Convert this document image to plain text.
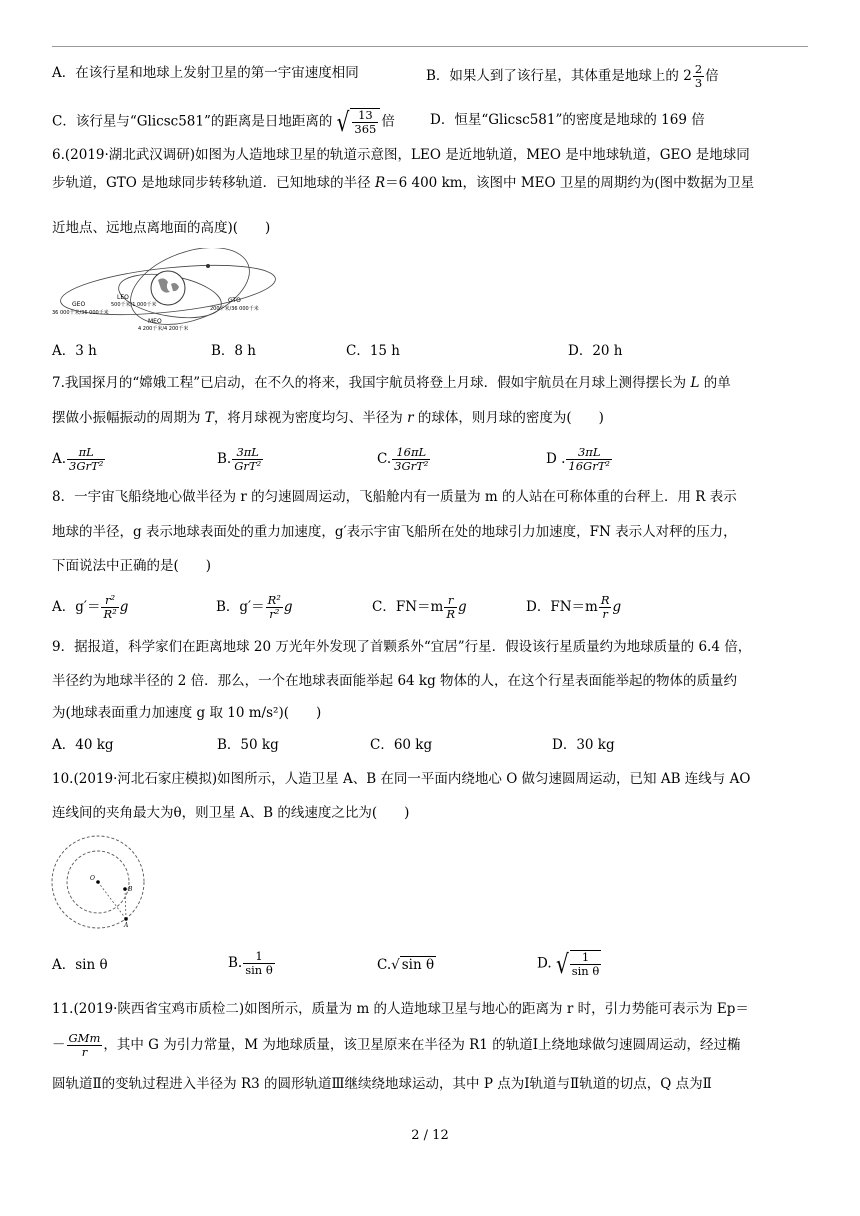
A．在该行星和地球上发射卫星的第一宇宙速度相同	B．如果人到了该行星，其体重是地球上的 $2 \frac{2}{3}$ 倍
C．该行星与“Glicsc581”的距离是日地距离的 √ $\frac{13}{365}$ 倍	D．恒星“Glicsc581”的密度是地球的 169 倍
6.(2019·湖北武汉调研)如图为人造地球卫星的轨道示意图，LEO 是近地轨道，MEO 是中地球轨道，GEO 是地球同
步轨道，GTO 是地球同步转移轨道．已知地球的半径 R＝6 400 km，该图中 MEO 卫星的周期约为(图中数据为卫星
近地点、远地点离地面的高度)(　　)
GEO
36 000千米/36 000千米
LEO
500千米/1 000千米
MEO
4 200千米/4 200千米
GTO
200千米/36 000千米
A．3 h	B．8 h	C．15 h	D．20 h
7.我国探月的“嫦娥工程”已启动，在不久的将来，我国宇航员将登上月球．假如宇航员在月球上测得摆长为 L 的单
摆做小振幅振动的周期为 T，将月球视为密度均匀、半径为 r 的球体，则月球的密度为(　　)
A. $\frac{\pi L}{\text{3GrT²}}$	B. $\frac{3\pi L}{\text{GrT²}}$	C. $\frac{16\pi L}{\text{3GrT²}}$	D . $\frac{3\pi L}{\text{16GrT²}}$
8．一宇宙飞船绕地心做半径为 r 的匀速圆周运动，飞船舱内有一质量为 m 的人站在可称体重的台秤上．用 R 表示
地球的半径，g 表示地球表面处的重力加速度，g′表示宇宙飞船所在处的地球引力加速度，FN 表示人对秤的压力，
下面说法中正确的是(　　)
A．$g'= \frac{\text{r²}}{\text{R²}}$ g	B．$g'= \frac{\text{R²}}{\text{r²}}$ g	C．$FN=m \frac{r}{R}$ g	D．$FN=m \frac{R}{r}$ g
9．据报道，科学家们在距离地球 20 万光年外发现了首颗系外“宜居”行星．假设该行星质量约为地球质量的 6.4 倍，
半径约为地球半径的 2 倍．那么，一个在地球表面能举起 64 kg 物体的人，在这个行星表面能举起的物体的质量约
为(地球表面重力加速度 g 取 10 m/s²)(　　)
A．40 kg	B．50 kg	C．60 kg	D．30 kg
10.(2019·河北石家庄模拟)如图所示，人造卫星 A、B 在同一平面内绕地心 O 做匀速圆周运动，已知 AB 连线与 AO
连线间的夹角最大为θ，则卫星 A、B 的线速度之比为(　　)
O
B
A
A．sin θ	B. $\frac{1}{\text{sin θ}}$	C.√ sin θ	D. √ $\frac{1}{\text{sin θ}}$
11.(2019·陕西省宝鸡市质检二)如图所示，质量为 m 的人造地球卫星与地心的距离为 r 时，引力势能可表示为 Ep＝
－ $\frac{\text{GMm}}{r}$ ，其中 G 为引力常量，M 为地球质量，该卫星原来在半径为 R1 的轨道Ⅰ上绕地球做匀速圆周运动，经过椭
圆轨道Ⅱ的变轨过程进入半径为 R3 的圆形轨道Ⅲ继续绕地球运动，其中 P 点为Ⅰ轨道与Ⅱ轨道的切点，Q 点为Ⅱ
2 / 12
